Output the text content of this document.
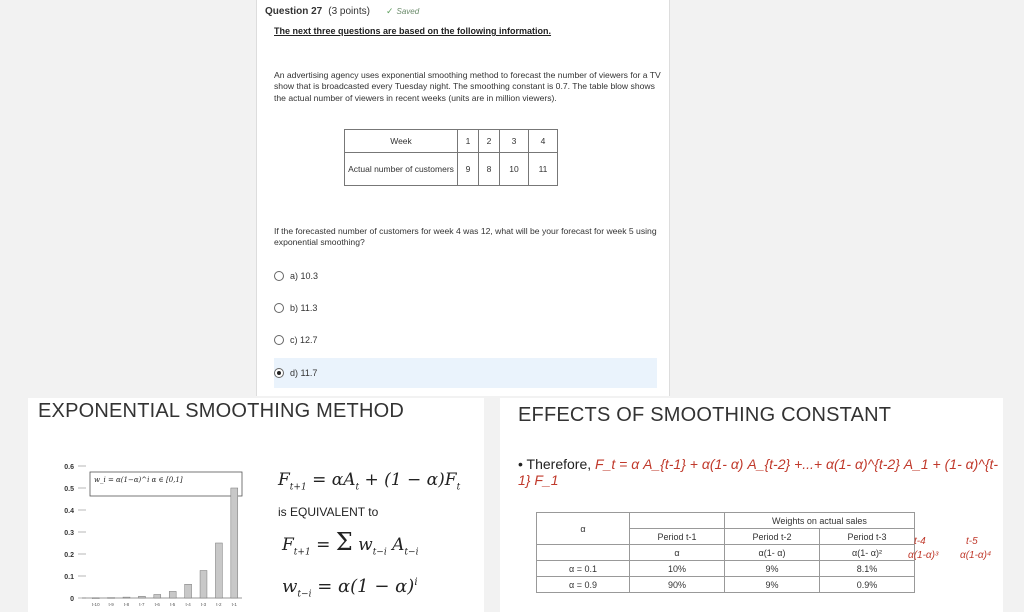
Question 27 (3 points) ✓ Saved
The next three questions are based on the following information.
An advertising agency uses exponential smoothing method to forecast the number of viewers for a TV show that is broadcasted every Tuesday night. The smoothing constant is 0.7. The table blow shows the actual number of viewers in recent weeks (units are in million viewers).
Week	1	2	3	4
Actual number of customers	9	8	10	11
If the forecasted number of customers for week 4 was 12, what will be your forecast for week 5 using exponential smoothing?
a) 10.3
b) 11.3
c) 12.7
d) 11.7
EXPONENTIAL SMOOTHING METHOD
w_i = α(1−α)^i α ∈ [0,1]
0.6
0.5
0.4
0.3
0.2
0.1
0
t-10 t-9 t-8 t-7 t-6 t-5 t-4 t-3 t-2 t-1
$F_{t+1} = \alpha A_t + (1 - \alpha)F_t$
is EQUIVALENT to
$F_{t+1} = \Sigma$ $w_{t-i}$ $A_{t-i}$
$w_{t-i} = \alpha(1 - \alpha)^i$
EFFECTS OF SMOOTHING CONSTANT
• Therefore, F_t = α A_{t-1} + α(1- α) A_{t-2} +...+ α(1- α)^{t-2} A_1 + (1- α)^{t-1} F_1
α		Weights on actual sales	
	Period t-1	Period t-2	Period t-3
	α	α(1- α)	α(1- α)²
α = 0.1	10%	9%	8.1%
α = 0.9	90%	9%	0.9%
t-4
α(1-α)³
t-5
α(1-α)⁴
